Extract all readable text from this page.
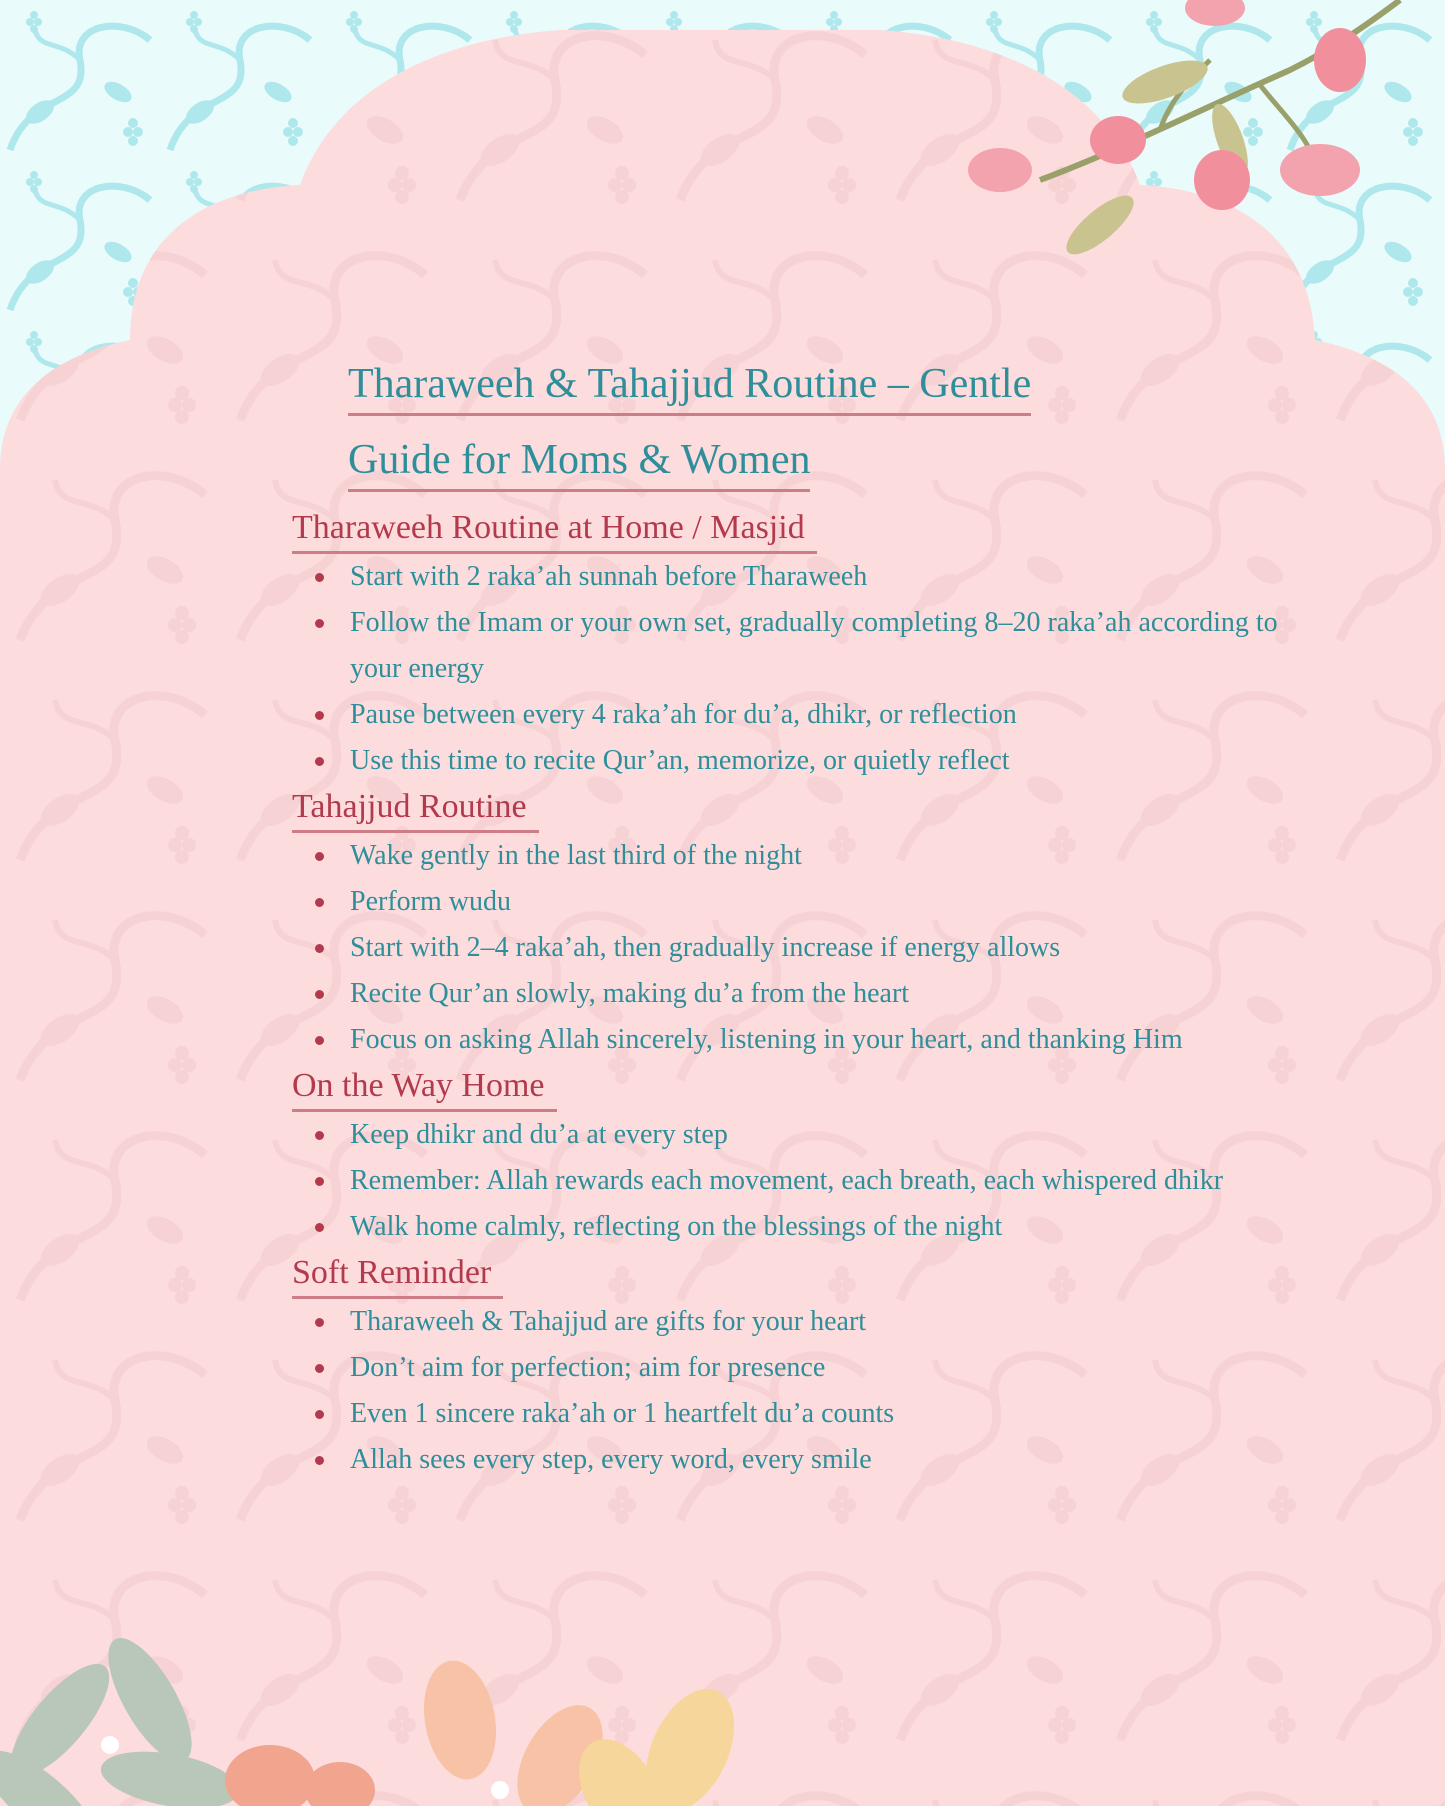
Tharaweeh & Tahajjud Routine – Gentle
Guide for Moms & Women
Tharaweeh Routine at Home / Masjid
Start with 2 raka’ah sunnah before Tharaweeh
Follow the Imam or your own set, gradually completing 8–20 raka’ah according to your energy
Pause between every 4 raka’ah for du’a, dhikr, or reflection
Use this time to recite Qur’an, memorize, or quietly reflect
Tahajjud Routine
Wake gently in the last third of the night
Perform wudu
Start with 2–4 raka’ah, then gradually increase if energy allows
Recite Qur’an slowly, making du’a from the heart
Focus on asking Allah sincerely, listening in your heart, and thanking Him
On the Way Home
Keep dhikr and du’a at every step
Remember: Allah rewards each movement, each breath, each whispered dhikr
Walk home calmly, reflecting on the blessings of the night
Soft Reminder
Tharaweeh & Tahajjud are gifts for your heart
Don’t aim for perfection; aim for presence
Even 1 sincere raka’ah or 1 heartfelt du’a counts
Allah sees every step, every word, every smile
